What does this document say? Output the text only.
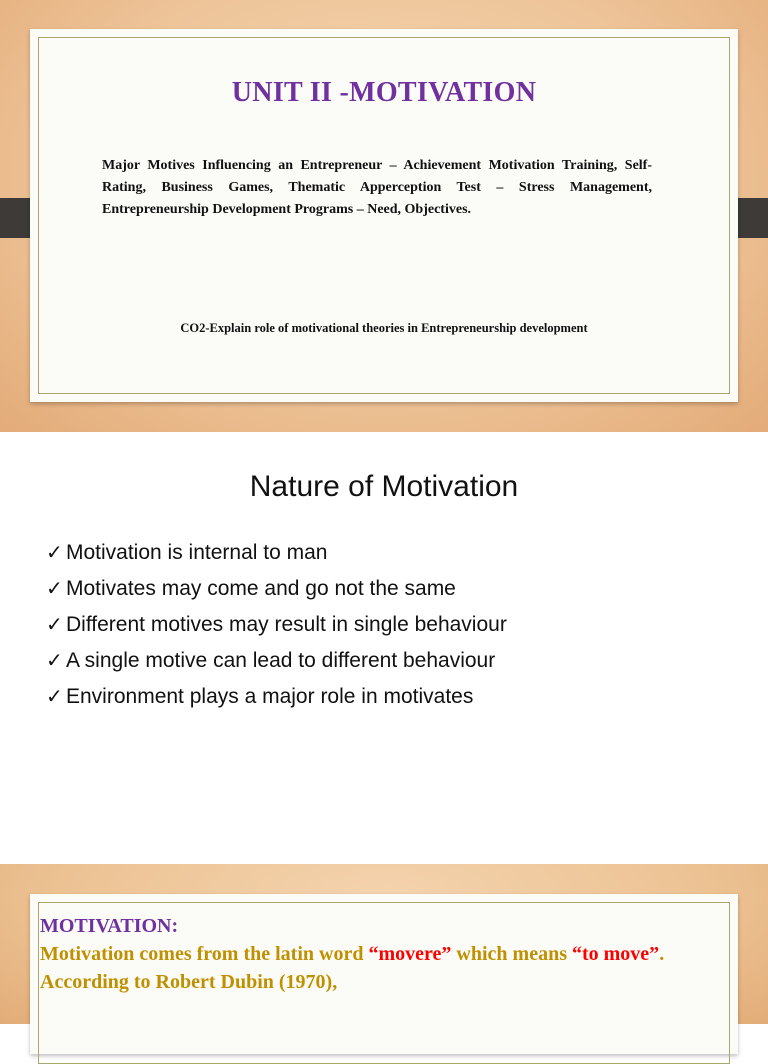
UNIT II -MOTIVATION
Major Motives Influencing an Entrepreneur – Achievement Motivation Training, Self-Rating, Business Games, Thematic Apperception Test – Stress Management, Entrepreneurship Development Programs – Need, Objectives.
CO2-Explain role of motivational theories in Entrepreneurship development
Nature of Motivation
✓ Motivation is internal to man
✓ Motivates may come and go not the same
✓ Different motives may result in single behaviour
✓ A single motive can lead to different behaviour
✓ Environment plays a major role in motivates
MOTIVATION:
Motivation comes from the latin word “movere” which means “to move”.
According to Robert Dubin (1970),
